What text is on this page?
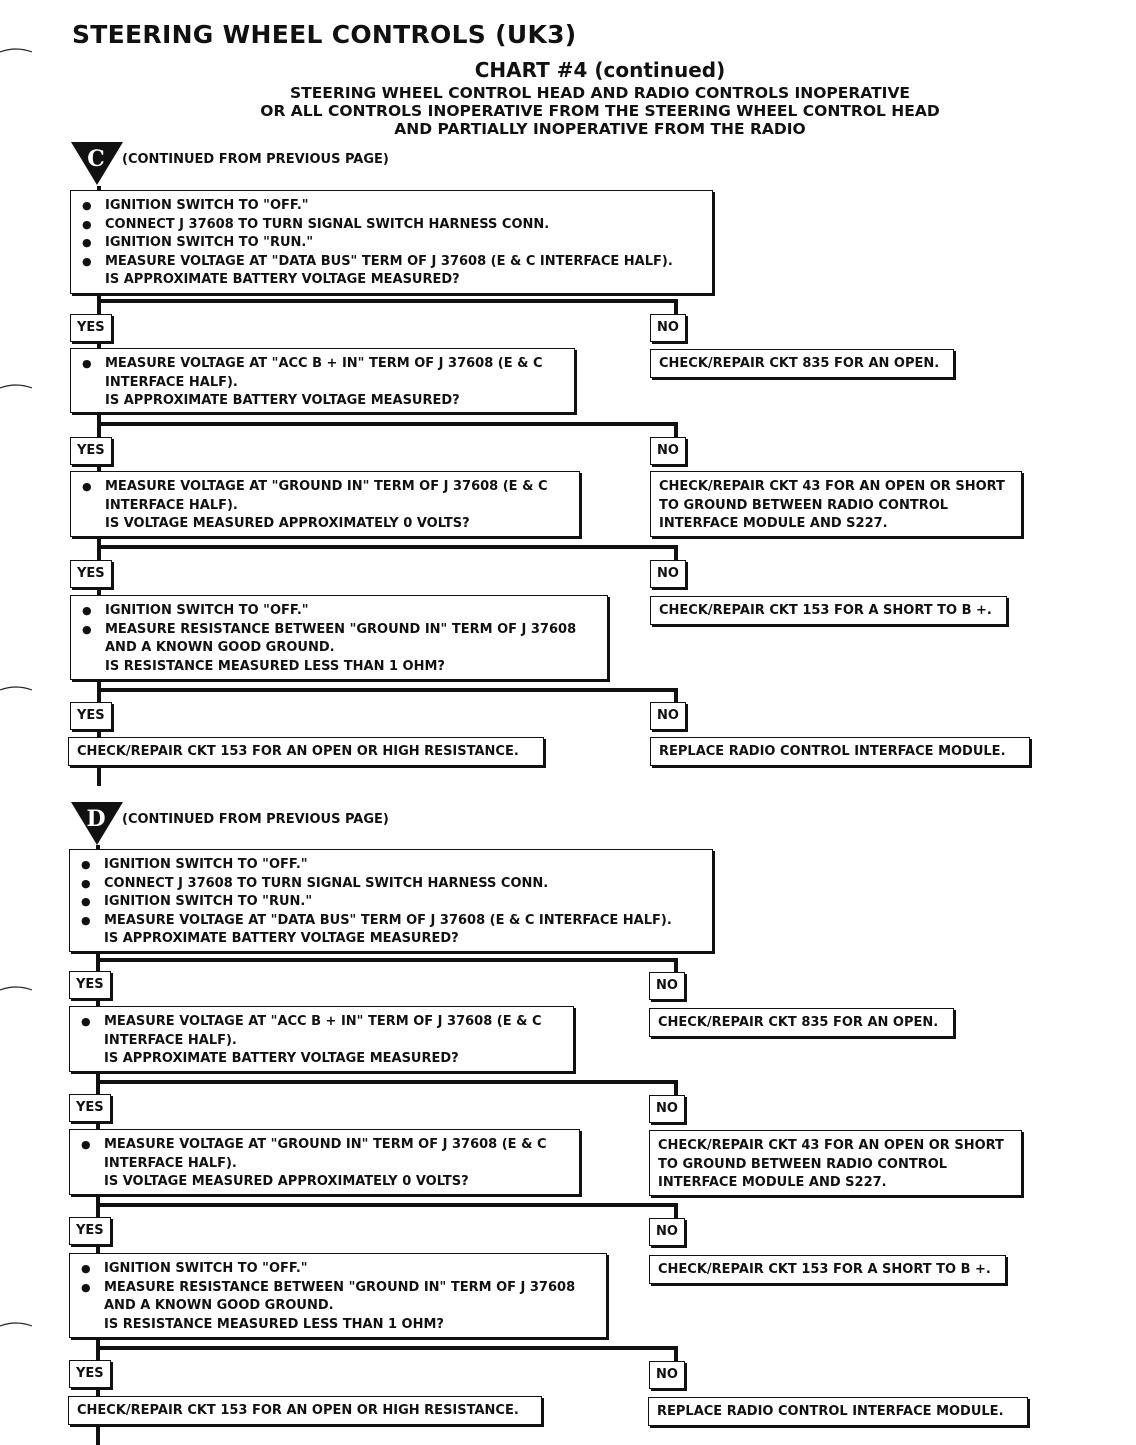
STEERING WHEEL CONTROLS (UK3)
CHART #4 (continued)
STEERING WHEEL CONTROL HEAD AND RADIO CONTROLS INOPERATIVE
OR ALL CONTROLS INOPERATIVE FROM THE STEERING WHEEL CONTROL HEAD
AND PARTIALLY INOPERATIVE FROM THE RADIO
C (CONTINUED FROM PREVIOUS PAGE)
● IGNITION SWITCH TO "OFF."
● CONNECT J 37608 TO TURN SIGNAL SWITCH HARNESS CONN.
● IGNITION SWITCH TO "RUN."
● MEASURE VOLTAGE AT "DATA BUS" TERM OF J 37608 (E & C INTERFACE HALF).
IS APPROXIMATE BATTERY VOLTAGE MEASURED?
YES	NO
● MEASURE VOLTAGE AT "ACC B + IN" TERM OF J 37608 (E & C INTERFACE HALF).
IS APPROXIMATE BATTERY VOLTAGE MEASURED?
CHECK/REPAIR CKT 835 FOR AN OPEN.
YES	NO
● MEASURE VOLTAGE AT "GROUND IN" TERM OF J 37608 (E & C INTERFACE HALF).
IS VOLTAGE MEASURED APPROXIMATELY 0 VOLTS?
CHECK/REPAIR CKT 43 FOR AN OPEN OR SHORT TO GROUND BETWEEN RADIO CONTROL INTERFACE MODULE AND S227.
YES	NO
● IGNITION SWITCH TO "OFF."
● MEASURE RESISTANCE BETWEEN "GROUND IN" TERM OF J 37608 AND A KNOWN GOOD GROUND.
IS RESISTANCE MEASURED LESS THAN 1 OHM?
CHECK/REPAIR CKT 153 FOR A SHORT TO B +.
YES	NO
CHECK/REPAIR CKT 153 FOR AN OPEN OR HIGH RESISTANCE.	REPLACE RADIO CONTROL INTERFACE MODULE.
D (CONTINUED FROM PREVIOUS PAGE)
● IGNITION SWITCH TO "OFF."
● CONNECT J 37608 TO TURN SIGNAL SWITCH HARNESS CONN.
● IGNITION SWITCH TO "RUN."
● MEASURE VOLTAGE AT "DATA BUS" TERM OF J 37608 (E & C INTERFACE HALF).
IS APPROXIMATE BATTERY VOLTAGE MEASURED?
YES	NO
● MEASURE VOLTAGE AT "ACC B + IN" TERM OF J 37608 (E & C INTERFACE HALF).
IS APPROXIMATE BATTERY VOLTAGE MEASURED?
CHECK/REPAIR CKT 835 FOR AN OPEN.
YES	NO
● MEASURE VOLTAGE AT "GROUND IN" TERM OF J 37608 (E & C INTERFACE HALF).
IS VOLTAGE MEASURED APPROXIMATELY 0 VOLTS?
CHECK/REPAIR CKT 43 FOR AN OPEN OR SHORT TO GROUND BETWEEN RADIO CONTROL INTERFACE MODULE AND S227.
YES	NO
● IGNITION SWITCH TO "OFF."
● MEASURE RESISTANCE BETWEEN "GROUND IN" TERM OF J 37608 AND A KNOWN GOOD GROUND.
IS RESISTANCE MEASURED LESS THAN 1 OHM?
CHECK/REPAIR CKT 153 FOR A SHORT TO B +.
YES	NO
CHECK/REPAIR CKT 153 FOR AN OPEN OR HIGH RESISTANCE.	REPLACE RADIO CONTROL INTERFACE MODULE.
